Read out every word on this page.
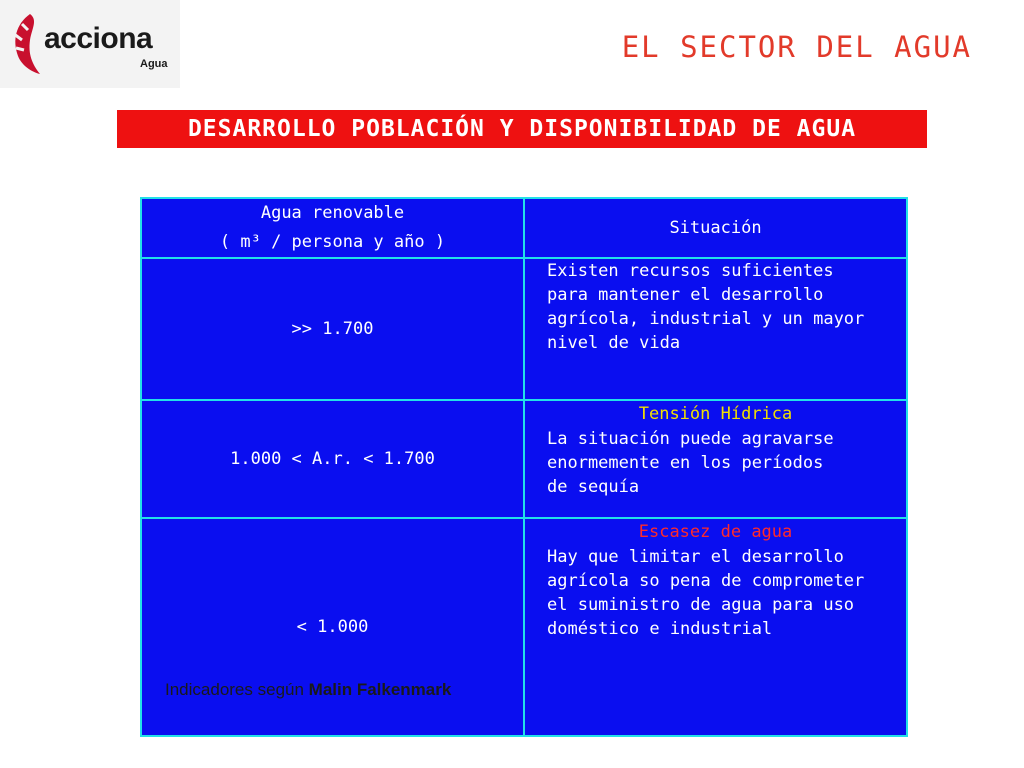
acciona
Agua	EL SECTOR DEL AGUA
DESARROLLO POBLACIÓN Y DISPONIBILIDAD DE AGUA
Agua renovable
( m³ / persona y año )	Situación
>> 1.700	Existen recursos suficientes
para mantener el desarrollo
agrícola, industrial y un mayor
nivel de vida

1.000 < A.r. < 1.700	Tensión Hídrica
La situación puede agravarse
enormemente en los períodos
de sequía

< 1.000	Escasez de agua
Hay que limitar el desarrollo
agrícola so pena de comprometer
el suministro de agua para uso
doméstico e industrial
Indicadores según Malin Falkenmark
